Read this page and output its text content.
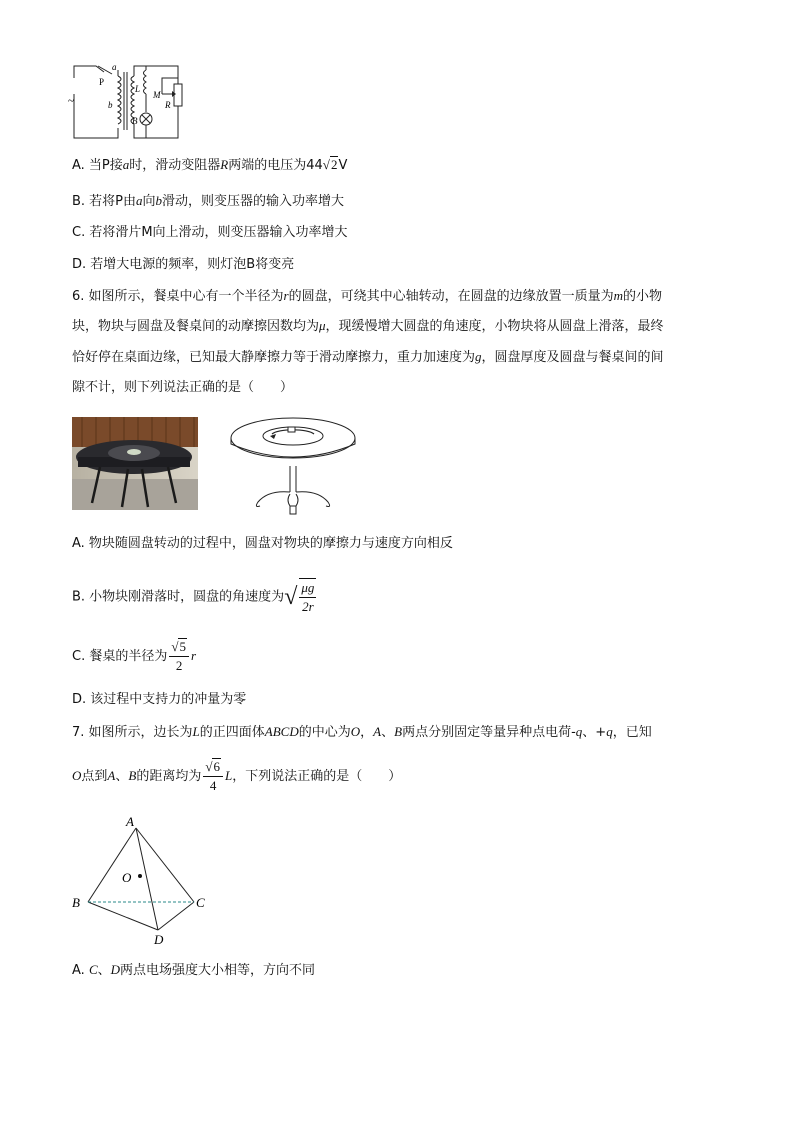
a
P
b
L
M
R
B
~
A. 当P接a时，滑动变阻器R两端的电压为44√2V
B. 若将P由a向b滑动，则变压器的输入功率增大
C. 若将滑片M向上滑动，则变压器输入功率增大
D. 若增大电源的频率，则灯泡B将变亮
6. 如图所示，餐桌中心有一个半径为r的圆盘，可绕其中心轴转动，在圆盘的边缘放置一质量为m的小物
块，物块与圆盘及餐桌间的动摩擦因数均为μ，现缓慢增大圆盘的角速度，小物块将从圆盘上滑落，最终
恰好停在桌面边缘，已知最大静摩擦力等于滑动摩擦力，重力加速度为g，圆盘厚度及圆盘与餐桌间的间
隙不计，则下列说法正确的是（　　）
A. 物块随圆盘转动的过程中，圆盘对物块的摩擦力与速度方向相反
B. 小物块刚滑落时，圆盘的角速度为√ $\frac{\mu g}{2r}$
C. 餐桌的半径为 $\frac{√5}{2}$ r
D. 该过程中支持力的冲量为零
7. 如图所示，边长为L的正四面体ABCD的中心为O，A、B两点分别固定等量异种点电荷-q、+q，已知
O点到A、B的距离均为 $\frac{√6}{4}$ L，下列说法正确的是（　　）
A
B	C
D
O
A. C、D两点电场强度大小相等，方向不同
